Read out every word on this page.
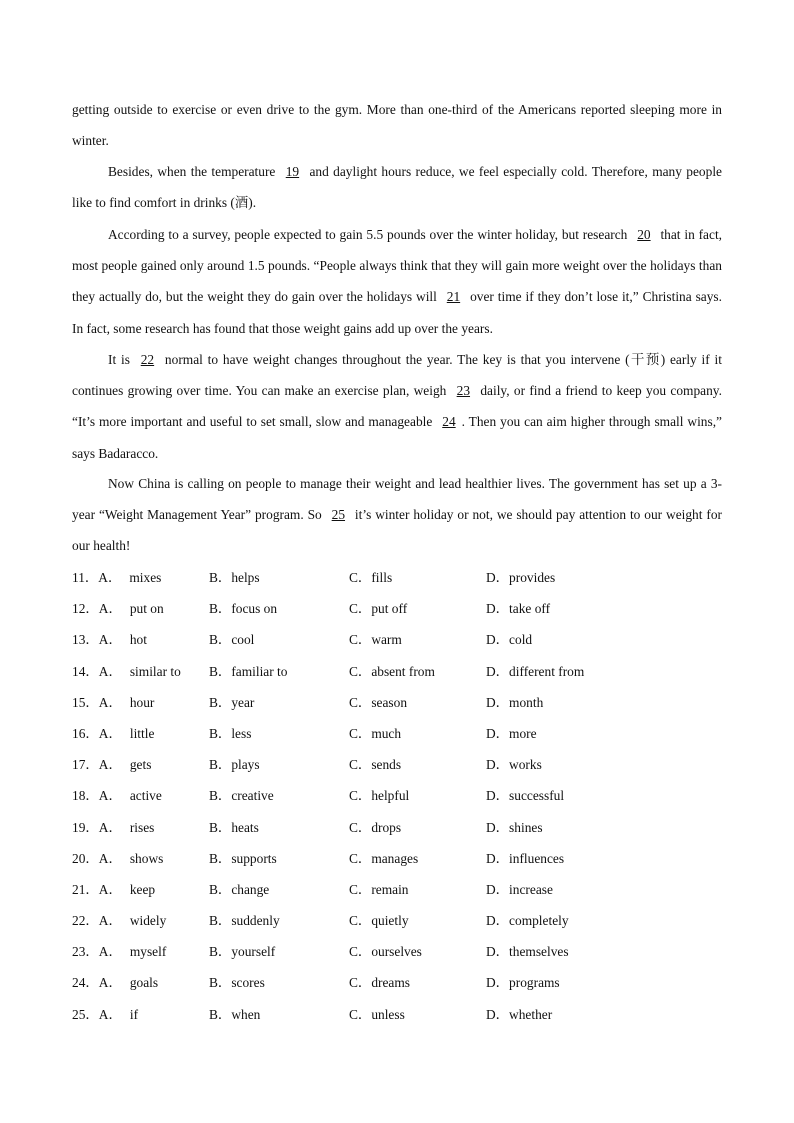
getting outside to exercise or even drive to the gym. More than one-third of the Americans reported sleeping more in winter.

Besides, when the temperature 19 and daylight hours reduce, we feel especially cold. Therefore, many people like to find comfort in drinks (酒).

According to a survey, people expected to gain 5.5 pounds over the winter holiday, but research 20 that in fact, most people gained only around 1.5 pounds. “People always think that they will gain more weight over the holidays than they actually do, but the weight they do gain over the holidays will 21 over time if they don’t lose it,” Christina says. In fact, some research has found that those weight gains add up over the years.

It is 22 normal to have weight changes throughout the year. The key is that you intervene (干预) early if it continues growing over time. You can make an exercise plan, weigh 23 daily, or find a friend to keep you company. “It’s more important and useful to set small, slow and manageable 24 . Then you can aim higher through small wins,” says Badaracco.

Now China is calling on people to manage their weight and lead healthier lives. The government has set up a 3-year “Weight Management Year” program. So 25 it’s winter holiday or not, we should pay attention to our weight for our health!

11．A． mixes	B．helps	C．fills	D．provides
12．A． put on	B．focus on	C．put off	D．take off
13．A． hot	B．cool	C．warm	D．cold
14．A． similar to B．familiar to	C．absent from	D．different from
15．A． hour	B．year	C．season	D．month
16．A． little	B．less	C．much	D．more
17．A． gets	B．plays	C．sends	D．works
18．A． active	B．creative	C．helpful	D．successful
19．A． rises	B．heats	C．drops	D．shines
20．A． shows	B．supports	C．manages	D．influences
21．A． keep	B．change	C．remain	D．increase
22．A． widely	B．suddenly	C．quietly	D．completely
23．A． myself	B．yourself	C．ourselves	D．themselves
24．A． goals	B．scores	C．dreams	D．programs
25．A． if	B．when	C．unless	D．whether
